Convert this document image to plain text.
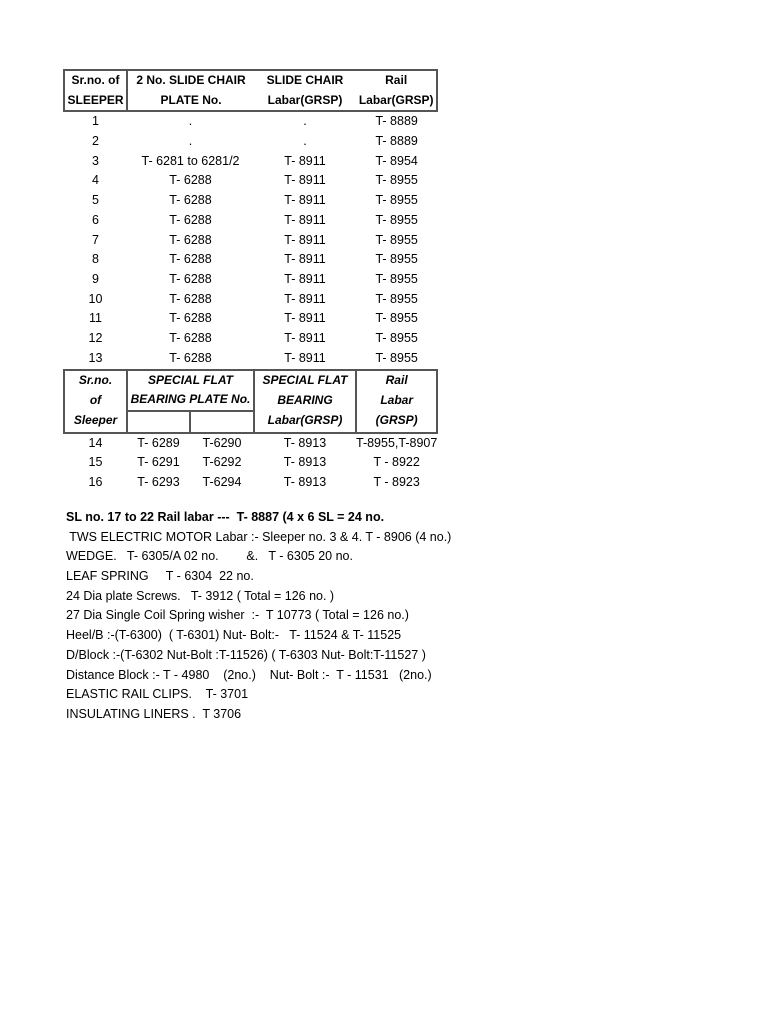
Sr.no. of	2 No. SLIDE CHAIR		SLIDE CHAIR	Rail
SLEEPER	PLATE No.		Labar(GRSP)	Labar(GRSP)
1	.		.	T- 8889
2	.		.	T- 8889
3	T- 6281 to 6281/2		T- 8911	T- 8954
4	T- 6288		T- 8911	T- 8955
5	T- 6288		T- 8911	T- 8955
6	T- 6288		T- 8911	T- 8955
7	T- 6288		T- 8911	T- 8955
8	T- 6288		T- 8911	T- 8955
9	T- 6288		T- 8911	T- 8955
10	T- 6288		T- 8911	T- 8955
11	T- 6288		T- 8911	T- 8955
12	T- 6288		T- 8911	T- 8955
13	T- 6288		T- 8911	T- 8955
Sr.no.	SPECIAL FLAT		SPECIAL FLAT	Rail
of	BEARING PLATE No.		BEARING	Labar
Sleeper			Labar(GRSP)	(GRSP)
14	T- 6289	T-6290	T- 8913	T-8955,T-8907
15	T- 6291	T-6292	T- 8913	T - 8922
16	T- 6293	T-6294	T- 8913	T - 8923
SL no. 17 to 22 Rail labar ---  T- 8887 (4 x 6 SL = 24 no.
TWS ELECTRIC MOTOR Labar :- Sleeper no. 3 & 4. T - 8906 (4 no.)
WEDGE.   T- 6305/A 02 no.        &.   T - 6305 20 no.
LEAF SPRING     T - 6304  22 no.
24 Dia plate Screws.   T- 3912 ( Total = 126 no. )
27 Dia Single Coil Spring wisher  :-  T 10773 ( Total = 126 no.)
Heel/B :-(T-6300)  ( T-6301) Nut- Bolt:-   T- 11524 & T- 11525
D/Block :-(T-6302 Nut-Bolt :T-11526) ( T-6303 Nut- Bolt:T-11527 )
Distance Block :- T - 4980    (2no.)    Nut- Bolt :-  T - 11531   (2no.)
ELASTIC RAIL CLIPS.    T- 3701
INSULATING LINERS .  T 3706
